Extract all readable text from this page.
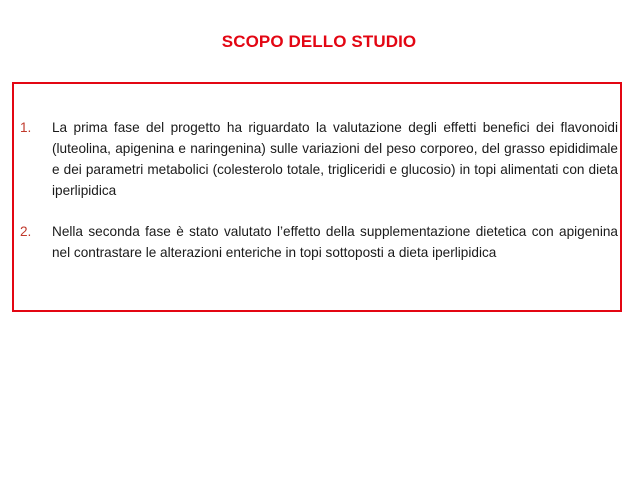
SCOPO DELLO STUDIO
1. La prima fase del progetto ha riguardato la valutazione degli effetti benefici dei flavonoidi (luteolina, apigenina e naringenina) sulle variazioni del peso corporeo, del grasso epididimale e dei parametri metabolici (colesterolo totale, trigliceridi e glucosio) in topi alimentati con dieta iperlipidica
2. Nella seconda fase è stato valutato l’effetto della supplementazione dietetica con apigenina nel contrastare le alterazioni enteriche in topi sottoposti a dieta iperlipidica
